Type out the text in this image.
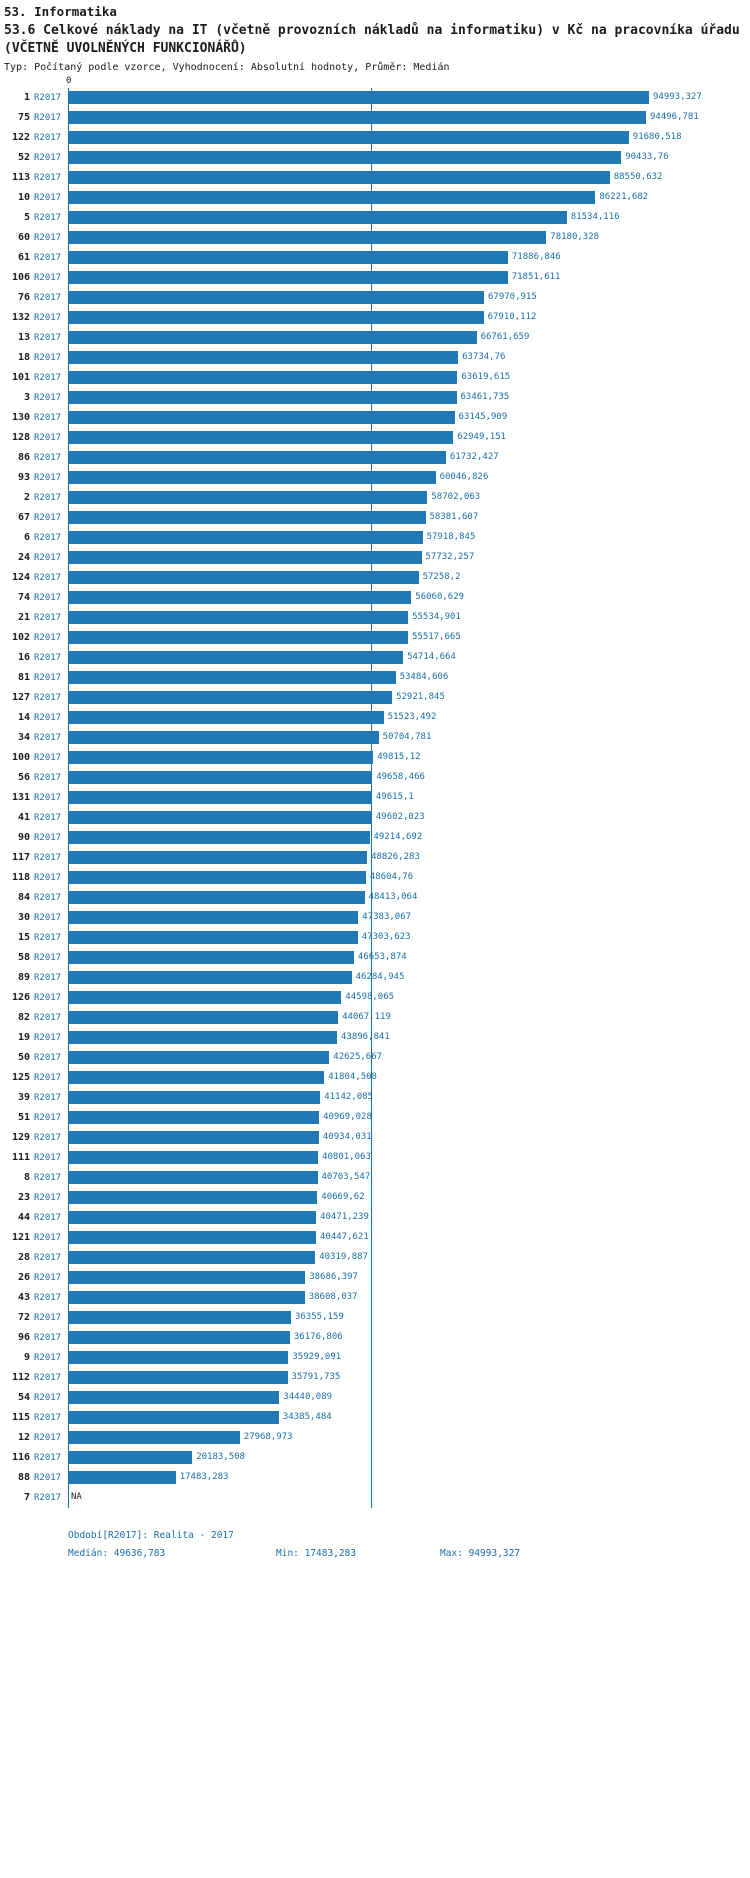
53. Informatika
53.6 Celkové náklady na IT (včetně provozních nákladů na informatiku) v Kč na pracovníka úřadu (VČETNĚ UVOLNĚNÝCH FUNKCIONÁŘŮ)
Typ: Počítaný podle vzorce, Vyhodnocení: Absolutní hodnoty, Průměr: Medián
0
1 R2017	94993,327
75 R2017	94496,781
122 R2017	91680,518
52 R2017	90433,76
113 R2017	88550,632
10 R2017	86221,682
5 R2017	81534,116
60 R2017	78180,328
61 R2017	71886,846
106 R2017	71851,611
76 R2017	67970,915
132 R2017	67910,112
13 R2017	66761,659
18 R2017	63734,76
101 R2017	63619,615
3 R2017	63461,735
130 R2017	63145,909
128 R2017	62949,151
86 R2017	61732,427
93 R2017	60046,826
2 R2017	58702,063
67 R2017	58381,607
6 R2017	57918,845
24 R2017	57732,257
124 R2017	57258,2
74 R2017	56060,629
21 R2017	55534,901
102 R2017	55517,665
16 R2017	54714,664
81 R2017	53484,606
127 R2017	52921,845
14 R2017	51523,492
34 R2017	50704,781
100 R2017	49815,12
56 R2017	49658,466
131 R2017	49615,1
41 R2017	49602,023
90 R2017	49214,692
117 R2017	48826,283
118 R2017	48604,76
84 R2017	48413,064
30 R2017	47383,067
15 R2017	47303,623
58 R2017	46653,874
89 R2017	46284,945
126 R2017	44598,065
82 R2017	44067,119
19 R2017	43896,841
50 R2017	42625,667
125 R2017	41804,508
39 R2017	41142,085
51 R2017	40969,028
129 R2017	40934,031
111 R2017	40801,063
8 R2017	40703,547
23 R2017	40669,62
44 R2017	40471,239
121 R2017	40447,621
28 R2017	40319,887
26 R2017	38686,397
43 R2017	38608,037
72 R2017	36355,159
96 R2017	36176,806
9 R2017	35929,091
112 R2017	35791,735
54 R2017	34440,089
115 R2017	34385,484
12 R2017	27968,973
116 R2017	20183,508
88 R2017	17483,283
7 R2017 NA
Období[R2017]: Realita - 2017
Medián: 49636,783	Min: 17483,283	Max: 94993,327
